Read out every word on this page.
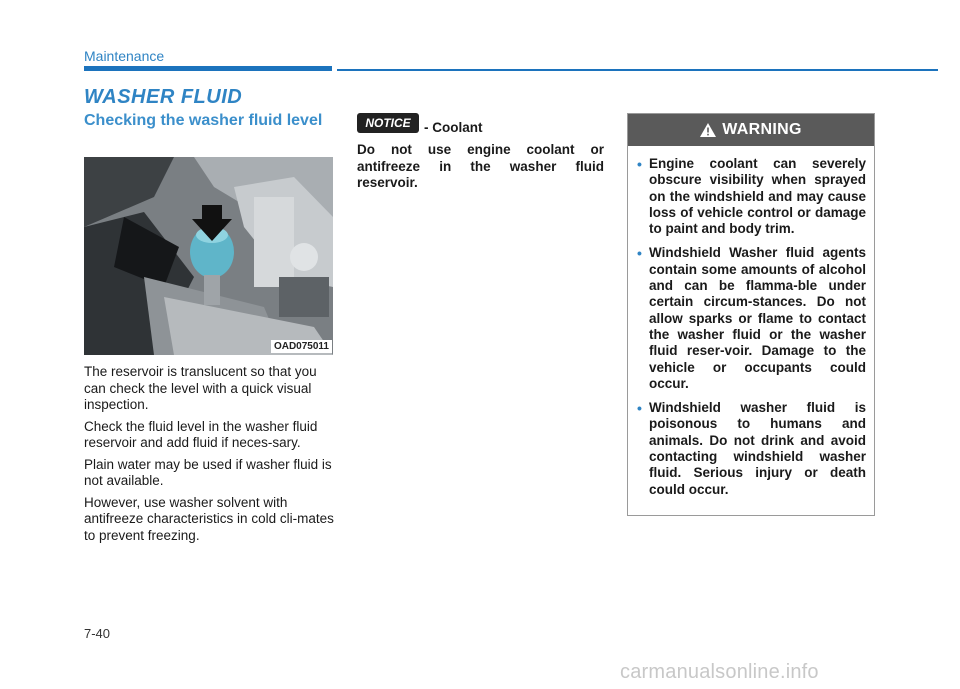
Maintenance
WASHER FLUID
Checking the washer fluid level
OAD075011

The reservoir is translucent so that you can check the level with a quick visual inspection.

Check the fluid level in the washer fluid reservoir and add fluid if neces-sary.

Plain water may be used if washer fluid is not available.

However, use washer solvent with antifreeze characteristics in cold cli-mates to prevent freezing.

NOTICE - Coolant
Do not use engine coolant or antifreeze in the washer fluid reservoir.
WARNING
• Engine coolant can severely obscure visibility when sprayed on the windshield and may cause loss of vehicle control or damage to paint and body trim.
• Windshield Washer fluid agents contain some amounts of alcohol and can be flamma-ble under certain circum-stances. Do not allow sparks or flame to contact the washer fluid or the washer fluid reser-voir. Damage to the vehicle or occupants could occur.
• Windshield washer fluid is poisonous to humans and animals. Do not drink and avoid contacting windshield washer fluid. Serious injury or death could occur.
7-40
carmanualsonline.info
